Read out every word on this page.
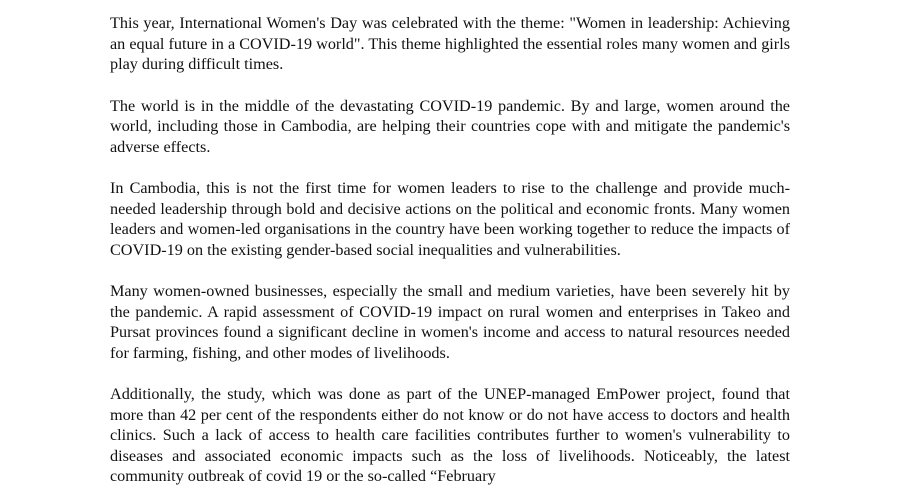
This year, International Women's Day was celebrated with the theme: "Women in leadership: Achieving an equal future in a COVID-19 world". This theme highlighted the essential roles many women and girls play during difficult times.

The world is in the middle of the devastating COVID-19 pandemic. By and large, women around the world, including those in Cambodia, are helping their countries cope with and mitigate the pandemic's adverse effects.

In Cambodia, this is not the first time for women leaders to rise to the challenge and provide much-needed leadership through bold and decisive actions on the political and economic fronts. Many women leaders and women-led organisations in the country have been working together to reduce the impacts of COVID-19 on the existing gender-based social inequalities and vulnerabilities.

Many women-owned businesses, especially the small and medium varieties, have been severely hit by the pandemic. A rapid assessment of COVID-19 impact on rural women and enterprises in Takeo and Pursat provinces found a significant decline in women's income and access to natural resources needed for farming, fishing, and other modes of livelihoods.

Additionally, the study, which was done as part of the UNEP-managed EmPower project, found that more than 42 per cent of the respondents either do not know or do not have access to doctors and health clinics. Such a lack of access to health care facilities contributes further to women's vulnerability to diseases and associated economic impacts such as the loss of livelihoods. Noticeably, the latest community outbreak of covid 19 or the so-called “February
